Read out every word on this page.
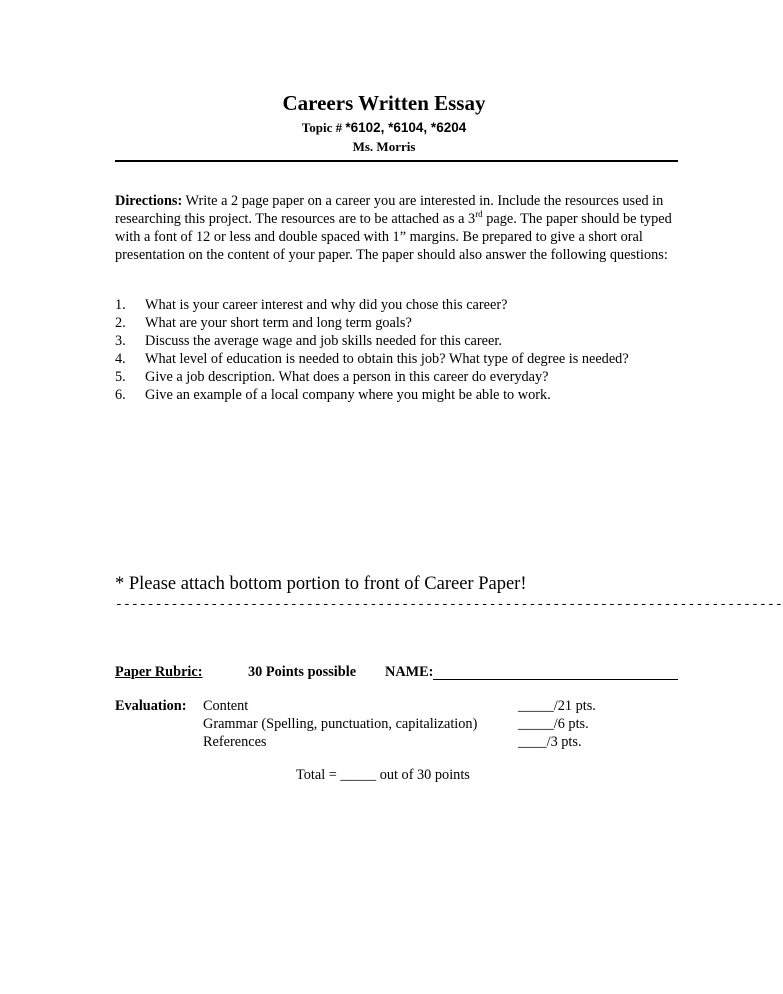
Careers Written Essay
Topic # *6102, *6104, *6204
Ms. Morris
Directions: Write a 2 page paper on a career you are interested in. Include the resources used in researching this project. The resources are to be attached as a 3rd page. The paper should be typed with a font of 12 or less and double spaced with 1” margins. Be prepared to give a short oral presentation on the content of your paper. The paper should also answer the following questions:
1. What is your career interest and why did you chose this career?
2. What are your short term and long term goals?
3. Discuss the average wage and job skills needed for this career.
4. What level of education is needed to obtain this job? What type of degree is needed?
5. Give a job description. What does a person in this career do everyday?
6. Give an example of a local company where you might be able to work.
* Please attach bottom portion to front of Career Paper!
------------------------------------------------------------------------------------
Paper Rubric:	30 Points possible NAME:
Evaluation: Content
Grammar (Spelling, punctuation, capitalization)
References
_____/21 pts.
_____/6 pts.
____/3 pts.
Total = _____ out of 30 points
